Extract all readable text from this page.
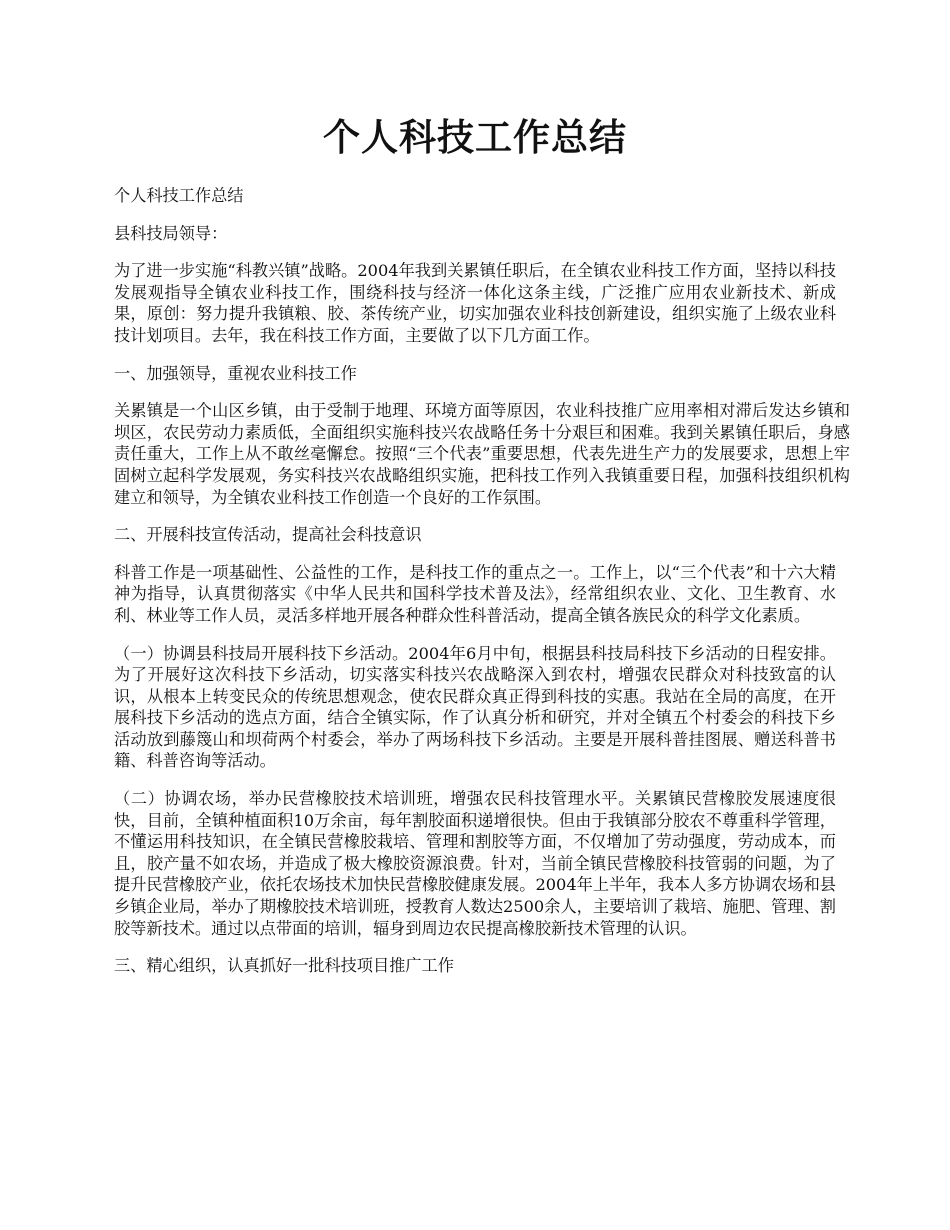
个人科技工作总结

个人科技工作总结

县科技局领导：

为了进一步实施“科教兴镇”战略。2004年我到关累镇任职后，在全镇农业科技工作方面，坚持以科技发展观指导全镇农业科技工作，围绕科技与经济一体化这条主线，广泛推广应用农业新技术、新成果，原创：努力提升我镇粮、胶、茶传统产业，切实加强农业科技创新建设，组织实施了上级农业科技计划项目。去年，我在科技工作方面，主要做了以下几方面工作。

一、加强领导，重视农业科技工作

关累镇是一个山区乡镇，由于受制于地理、环境方面等原因，农业科技推广应用率相对滞后发达乡镇和坝区，农民劳动力素质低，全面组织实施科技兴农战略任务十分艰巨和困难。我到关累镇任职后，身感责任重大，工作上从不敢丝毫懈怠。按照“三个代表”重要思想，代表先进生产力的发展要求，思想上牢固树立起科学发展观，务实科技兴农战略组织实施，把科技工作列入我镇重要日程，加强科技组织机构建立和领导，为全镇农业科技工作创造一个良好的工作氛围。

二、开展科技宣传活动，提高社会科技意识

科普工作是一项基础性、公益性的工作，是科技工作的重点之一。工作上，以“三个代表”和十六大精神为指导，认真贯彻落实《中华人民共和国科学技术普及法》，经常组织农业、文化、卫生教育、水利、林业等工作人员，灵活多样地开展各种群众性科普活动，提高全镇各族民众的科学文化素质。

（一）协调县科技局开展科技下乡活动。2004年6月中旬，根据县科技局科技下乡活动的日程安排。为了开展好这次科技下乡活动，切实落实科技兴农战略深入到农村，增强农民群众对科技致富的认识，从根本上转变民众的传统思想观念，使农民群众真正得到科技的实惠。我站在全局的高度，在开展科技下乡活动的选点方面，结合全镇实际，作了认真分析和研究，并对全镇五个村委会的科技下乡活动放到藤篾山和坝荷两个村委会，举办了两场科技下乡活动。主要是开展科普挂图展、赠送科普书籍、科普咨询等活动。

（二）协调农场，举办民营橡胶技术培训班，增强农民科技管理水平。关累镇民营橡胶发展速度很快，目前，全镇种植面积10万余亩，每年割胶面积递增很快。但由于我镇部分胶农不尊重科学管理，不懂运用科技知识，在全镇民营橡胶栽培、管理和割胶等方面，不仅增加了劳动强度，劳动成本，而且，胶产量不如农场，并造成了极大橡胶资源浪费。针对，当前全镇民营橡胶科技管弱的问题，为了提升民营橡胶产业，依托农场技术加快民营橡胶健康发展。2004年上半年，我本人多方协调农场和县乡镇企业局，举办了期橡胶技术培训班，授教育人数达2500余人，主要培训了栽培、施肥、管理、割胶等新技术。通过以点带面的培训，辐身到周边农民提高橡胶新技术管理的认识。

三、精心组织，认真抓好一批科技项目推广工作
